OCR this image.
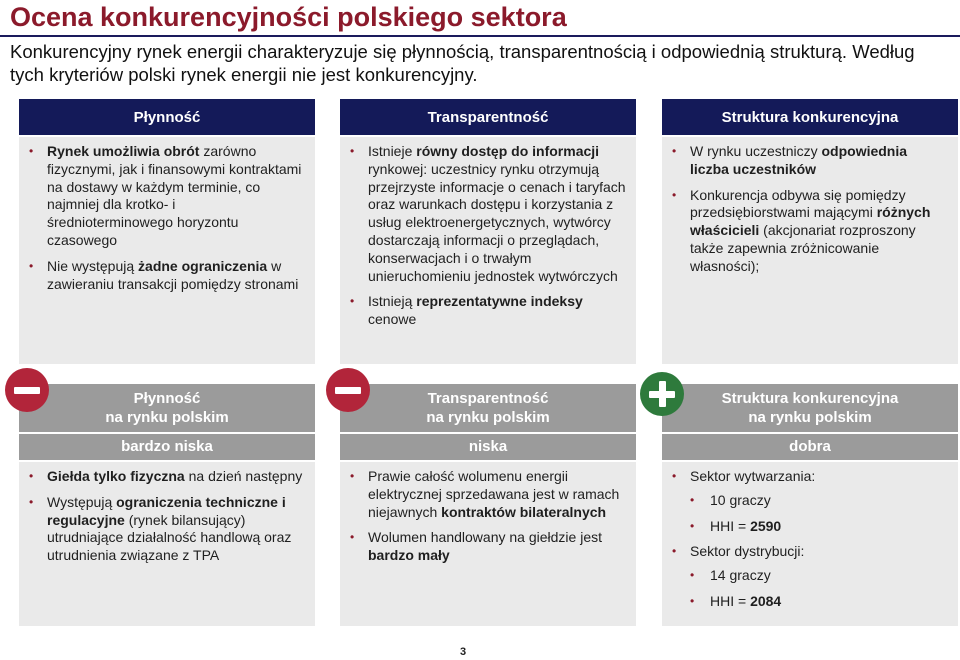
Ocena konkurencyjności polskiego sektora
Konkurencyjny rynek energii charakteryzuje się płynnością, transparentnością i odpowiednią strukturą. Według tych kryteriów polski rynek energii nie jest konkurencyjny.
Płynność
• Rynek umożliwia obrót zarówno fizycznymi, jak i finansowymi kontraktami na dostawy w każdym terminie, co najmniej dla krotko- i średnioterminowego horyzontu czasowego
• Nie występują żadne ograniczenia w zawieraniu transakcji pomiędzy stronami
Płynność
na rynku polskim
bardzo niska
• Giełda tylko fizyczna na dzień następny
• Występują ograniczenia techniczne i regulacyjne (rynek bilansujący) utrudniające działalność handlową oraz utrudnienia związane z TPA
Transparentność
• Istnieje równy dostęp do informacji rynkowej: uczestnicy rynku otrzymują przejrzyste informacje o cenach i taryfach oraz warunkach dostępu i korzystania z usług elektroenergetycznych, wytwórcy dostarczają informacji o przeglądach, konserwacjach i o trwałym unieruchomieniu jednostek wytwórczych
• Istnieją reprezentatywne indeksy cenowe
Transparentność
na rynku polskim
niska
• Prawie całość wolumenu energii elektrycznej sprzedawana jest w ramach niejawnych kontraktów bilateralnych
• Wolumen handlowany na giełdzie jest bardzo mały
Struktura konkurencyjna
• W rynku uczestniczy odpowiednia liczba uczestników
• Konkurencja odbywa się pomiędzy przedsiębiorstwami mającymi różnych właścicieli (akcjonariat rozproszony także zapewnia zróżnicowanie własności);
Struktura konkurencyjna
na rynku polskim
dobra
• Sektor wytwarzania:
• 10 graczy
• HHI = 2590
• Sektor dystrybucji:
• 14 graczy
• HHI = 2084
3
